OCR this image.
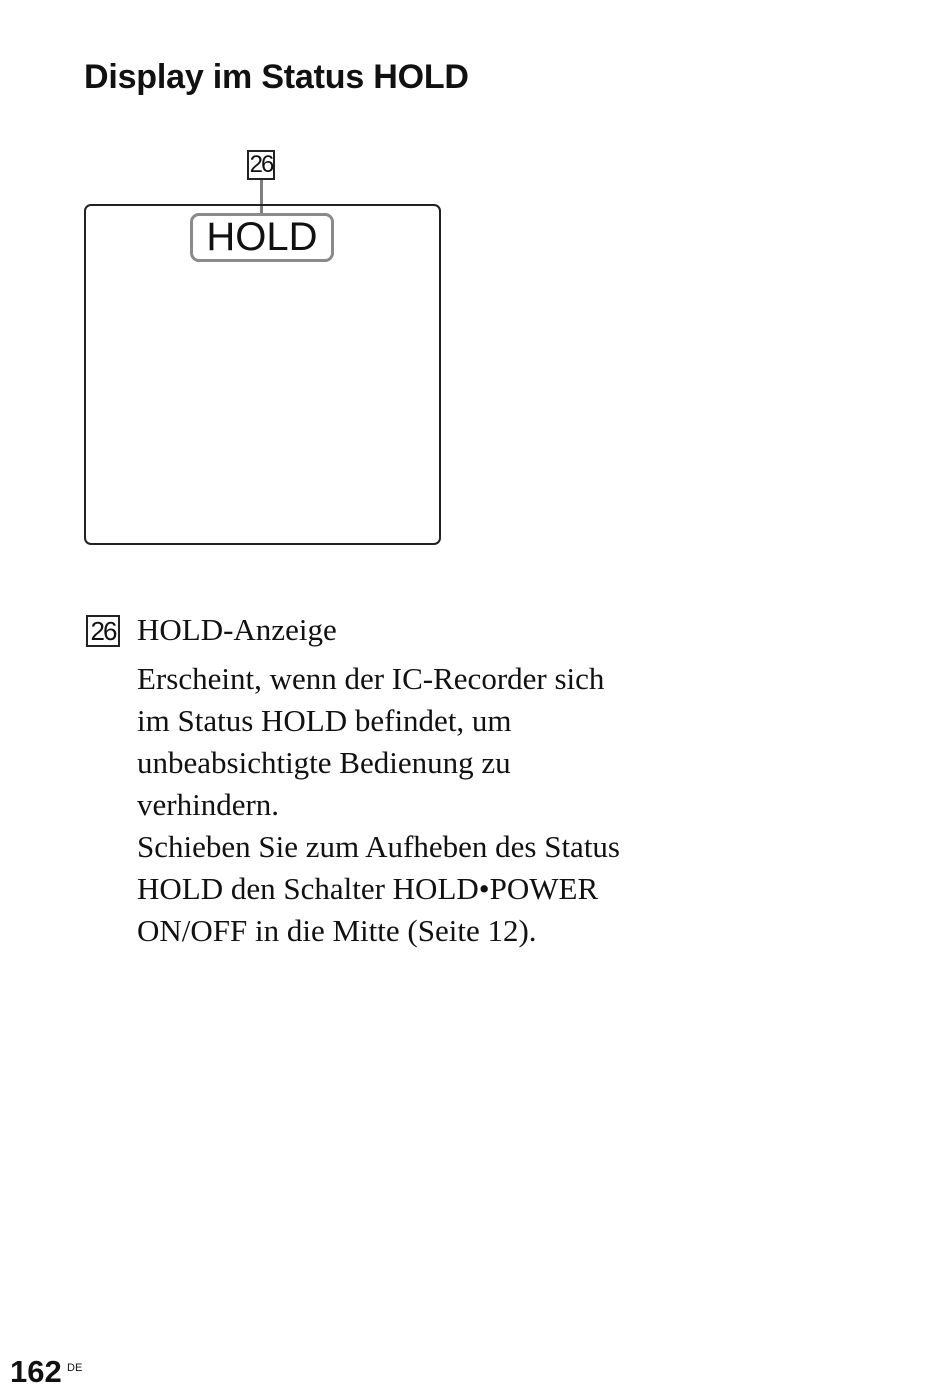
Display im Status HOLD
26
HOLD
26 HOLD-Anzeige

Erscheint, wenn der IC-Recorder sich
im Status HOLD befindet, um
unbeabsichtigte Bedienung zu
verhindern.
Schieben Sie zum Aufheben des Status
HOLD den Schalter HOLD•POWER
ON/OFF in die Mitte (Seite 12).

162 DE
